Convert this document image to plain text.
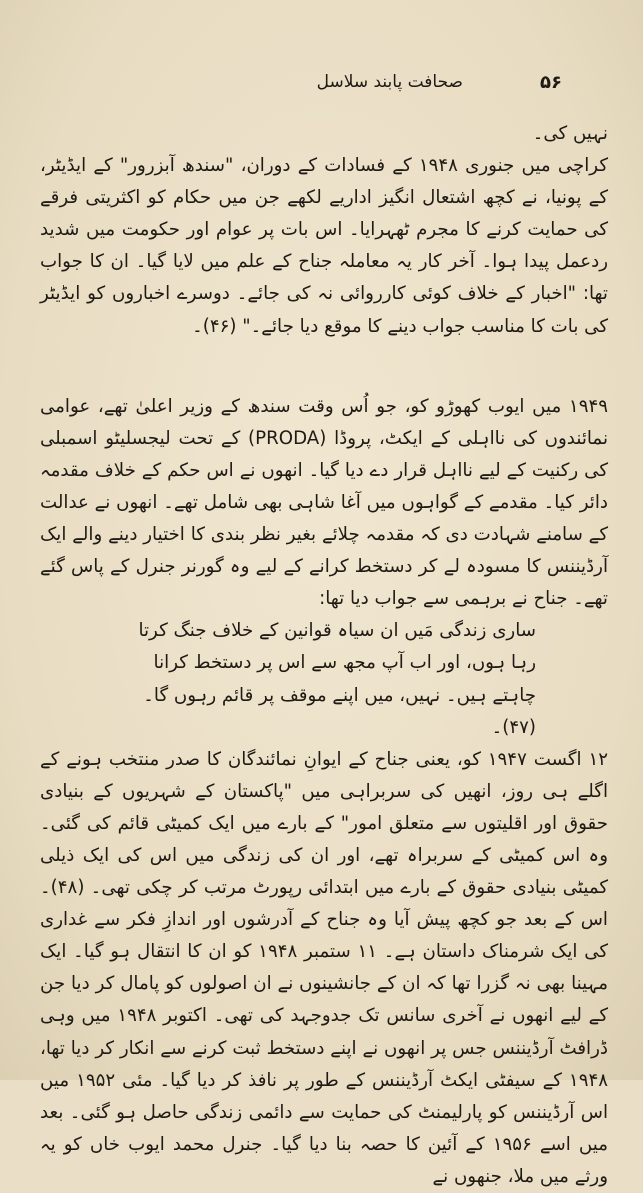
۵۶
صحافت پابند سلاسل

نہیں کی۔

کراچی میں جنوری ۱۹۴۸ کے فسادات کے دوران، "سندھ آبزرور" کے ایڈیٹر، کے پونیا، نے کچھ اشتعال انگیز اداریے لکھے جن میں حکام کو اکثریتی فرقے کی حمایت کرنے کا مجرم ٹھہرایا۔ اس بات پر عوام اور حکومت میں شدید ردعمل پیدا ہوا۔ آخر کار یہ معاملہ جناح کے علم میں لایا گیا۔ ان کا جواب تھا: "اخبار کے خلاف کوئی کارروائی نہ کی جائے۔ دوسرے اخباروں کو ایڈیٹر کی بات کا مناسب جواب دینے کا موقع دیا جائے۔" (۴۶)۔

۱۹۴۹ میں ایوب کھوڑو کو، جو اُس وقت سندھ کے وزیر اعلیٰ تھے، عوامی نمائندوں کی نااہلی کے ایکٹ، پروڈا (PRODA) کے تحت لیجسلیٹو اسمبلی کی رکنیت کے لیے نااہل قرار دے دیا گیا۔ انھوں نے اس حکم کے خلاف مقدمہ دائر کیا۔ مقدمے کے گواہوں میں آغا شاہی بھی شامل تھے۔ انھوں نے عدالت کے سامنے شہادت دی کہ مقدمہ چلائے بغیر نظر بندی کا اختیار دینے والے ایک آرڈیننس کا مسودہ لے کر دستخط کرانے کے لیے وہ گورنر جنرل کے پاس گئے تھے۔ جناح نے برہمی سے جواب دیا تھا:

ساری زندگی مَیں ان سیاہ قوانین کے خلاف جنگ کرتا رہا ہوں، اور اب آپ مجھ سے اس پر دستخط کرانا چاہتے ہیں۔ نہیں، میں اپنے موقف پر قائم رہوں گا۔ (۴۷)۔

۱۲ اگست ۱۹۴۷ کو، یعنی جناح کے ایوانِ نمائندگان کا صدر منتخب ہونے کے اگلے ہی روز، انھیں کی سربراہی میں "پاکستان کے شہریوں کے بنیادی حقوق اور اقلیتوں سے متعلق امور" کے بارے میں ایک کمیٹی قائم کی گئی۔ وہ اس کمیٹی کے سربراہ تھے، اور ان کی زندگی میں اس کی ایک ذیلی کمیٹی بنیادی حقوق کے بارے میں ابتدائی رپورٹ مرتب کر چکی تھی۔ (۴۸)۔ اس کے بعد جو کچھ پیش آیا وہ جناح کے آدرشوں اور اندازِ فکر سے غداری کی ایک شرمناک داستان ہے۔ ۱۱ ستمبر ۱۹۴۸ کو ان کا انتقال ہو گیا۔ ایک مہینا بھی نہ گزرا تھا کہ ان کے جانشینوں نے ان اصولوں کو پامال کر دیا جن کے لیے انھوں نے آخری سانس تک جدوجہد کی تھی۔ اکتوبر ۱۹۴۸ میں وہی ڈرافٹ آرڈیننس جس پر انھوں نے اپنے دستخط ثبت کرنے سے انکار کر دیا تھا، ۱۹۴۸ کے سیفٹی ایکٹ آرڈیننس کے طور پر نافذ کر دیا گیا۔ مئی ۱۹۵۲ میں اس آرڈیننس کو پارلیمنٹ کی حمایت سے دائمی زندگی حاصل ہو گئی۔ بعد میں اسے ۱۹۵۶ کے آئین کا حصہ بنا دیا گیا۔ جنرل محمد ایوب خاں کو یہ ورثے میں ملا، جنھوں نے
